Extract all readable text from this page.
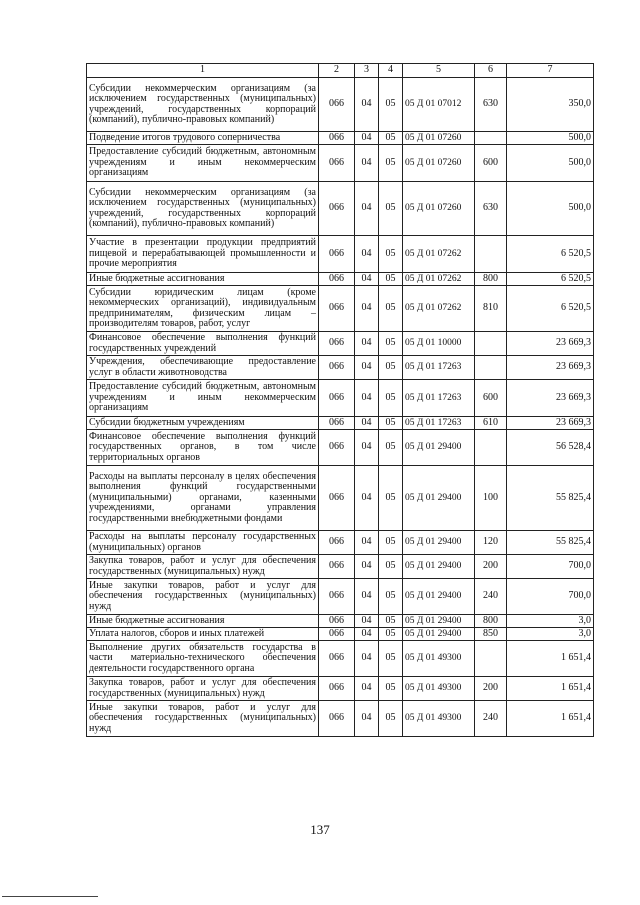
1	2	3	4	5	6	7
Субсидии некоммерческим организациям (за исключением государственных (муниципальных) учреждений, государственных корпораций (компаний), публично-правовых компаний)	066	04	05	05 Д 01 07012	630	350,0
Подведение итогов трудового соперничества	066	04	05	05 Д 01 07260		500,0
Предоставление субсидий бюджетным, автономным учреждениям и иным некоммерческим организациям	066	04	05	05 Д 01 07260	600	500,0
Субсидии некоммерческим организациям (за исключением государственных (муниципальных) учреждений, государственных корпораций (компаний), публично-правовых компаний)	066	04	05	05 Д 01 07260	630	500,0
Участие в презентации продукции предприятий пищевой и перерабатывающей промышленности и прочие мероприятия	066	04	05	05 Д 01 07262		6 520,5
Иные бюджетные ассигнования	066	04	05	05 Д 01 07262	800	6 520,5
Субсидии юридическим лицам (кроме некоммерческих организаций), индивидуальным предпринимателям, физическим лицам – производителям товаров, работ, услуг	066	04	05	05 Д 01 07262	810	6 520,5
Финансовое обеспечение выполнения функций государственных учреждений	066	04	05	05 Д 01 10000		23 669,3
Учреждения, обеспечивающие предоставление услуг в области животноводства	066	04	05	05 Д 01 17263		23 669,3
Предоставление субсидий бюджетным, автономным учреждениям и иным некоммерческим организациям	066	04	05	05 Д 01 17263	600	23 669,3
Субсидии бюджетным учреждениям	066	04	05	05 Д 01 17263	610	23 669,3
Финансовое обеспечение выполнения функций государственных органов, в том числе территориальных органов	066	04	05	05 Д 01 29400		56 528,4
Расходы на выплаты персоналу в целях обеспечения выполнения функций государственными (муниципальными) органами, казенными учреждениями, органами управления государственными внебюджетными фондами	066	04	05	05 Д 01 29400	100	55 825,4
Расходы на выплаты персоналу государственных (муниципальных) органов	066	04	05	05 Д 01 29400	120	55 825,4
Закупка товаров, работ и услуг для обеспечения государственных (муниципальных) нужд	066	04	05	05 Д 01 29400	200	700,0
Иные закупки товаров, работ и услуг для обеспечения государственных (муниципальных) нужд	066	04	05	05 Д 01 29400	240	700,0
Иные бюджетные ассигнования	066	04	05	05 Д 01 29400	800	3,0
Уплата налогов, сборов и иных платежей	066	04	05	05 Д 01 29400	850	3,0
Выполнение других обязательств государства в части материально-технического обеспечения деятельности государственного органа	066	04	05	05 Д 01 49300		1 651,4
Закупка товаров, работ и услуг для обеспечения государственных (муниципальных) нужд	066	04	05	05 Д 01 49300	200	1 651,4
Иные закупки товаров, работ и услуг для обеспечения государственных (муниципальных) нужд	066	04	05	05 Д 01 49300	240	1 651,4
137
